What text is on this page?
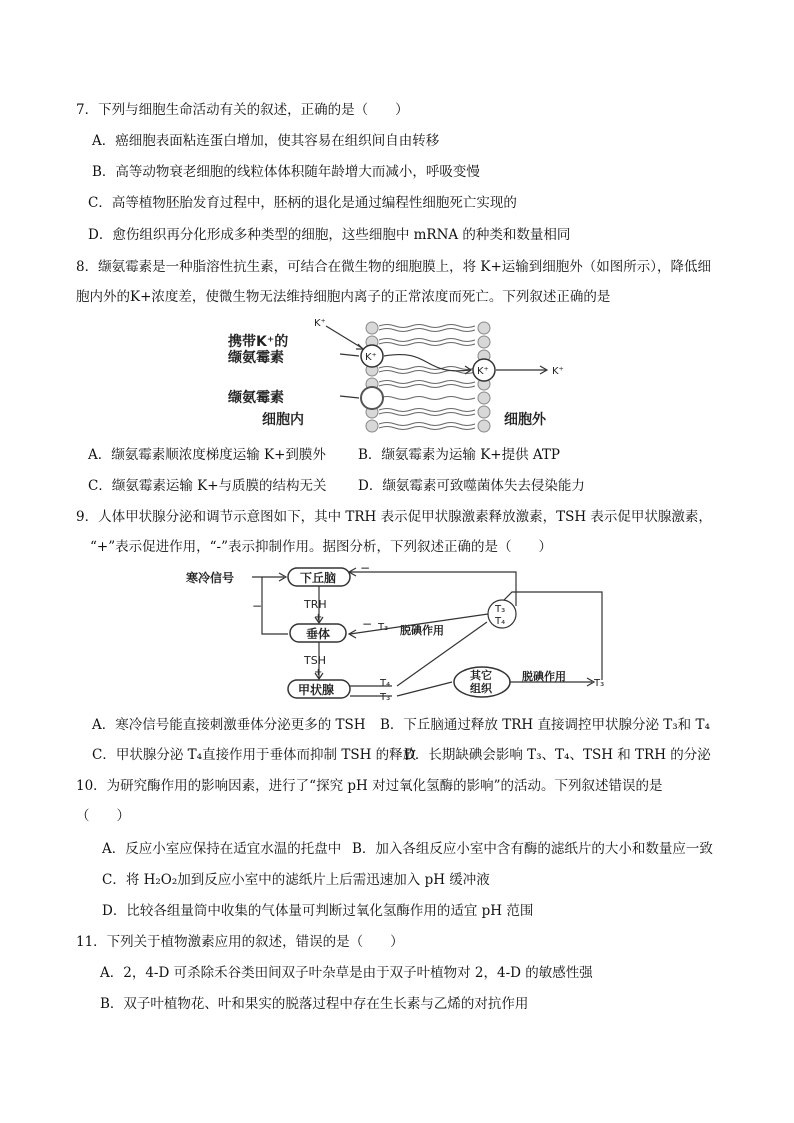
7．下列与细胞生命活动有关的叙述，正确的是（　　）
A．癌细胞表面粘连蛋白增加，使其容易在组织间自由转移
B．高等动物衰老细胞的线粒体体积随年龄增大而减小，呼吸变慢
C．高等植物胚胎发育过程中，胚柄的退化是通过编程性细胞死亡实现的
D．愈伤组织再分化形成多种类型的细胞，这些细胞中 mRNA 的种类和数量相同
8．缬氨霉素是一种脂溶性抗生素，可结合在微生物的细胞膜上，将 K+运输到细胞外（如图所示），降低细
胞内外的K+浓度差，使微生物无法维持细胞内离子的正常浓度而死亡。下列叙述正确的是
K⁺
K⁺
K⁺
携带K⁺的
缬氨霉素
缬氨霉素
细胞内	细胞外
K⁺
A．缬氨霉素顺浓度梯度运输 K+到膜外 B．缬氨霉素为运输 K+提供 ATP
C．缬氨霉素运输 K+与质膜的结构无关 D．缬氨霉素可致噬菌体失去侵染能力
9．人体甲状腺分泌和调节示意图如下，其中 TRH 表示促甲状腺激素释放激素，TSH 表示促甲状腺激素，
“+”表示促进作用，“-”表示抑制作用。据图分析，下列叙述正确的是（　　）
寒冷信号	下丘脑
TRH
垂体
TSH
甲状腺
其它
组织
脱碘作用
脱碘作用
T₃
T₄
T₃
T₄
T₃
T₃
+
+
−
−
−
A．寒冷信号能直接刺激垂体分泌更多的 TSH B．下丘脑通过释放 TRH 直接调控甲状腺分泌 T₃和 T₄
C．甲状腺分泌 T₄直接作用于垂体而抑制 TSH 的释放
D．长期缺碘会影响 T₃、T₄、TSH 和 TRH 的分泌
10．为研究酶作用的影响因素，进行了“探究 pH 对过氧化氢酶的影响”的活动。下列叙述错误的是
（　　）
A．反应小室应保持在适宜水温的托盘中 B．加入各组反应小室中含有酶的滤纸片的大小和数量应一致
C．将 H₂O₂加到反应小室中的滤纸片上后需迅速加入 pH 缓冲液
D．比较各组量筒中收集的气体量可判断过氧化氢酶作用的适宜 pH 范围
11．下列关于植物激素应用的叙述，错误的是（　　）
A．2，4-D 可杀除禾谷类田间双子叶杂草是由于双子叶植物对 2，4-D 的敏感性强
B．双子叶植物花、叶和果实的脱落过程中存在生长素与乙烯的对抗作用
